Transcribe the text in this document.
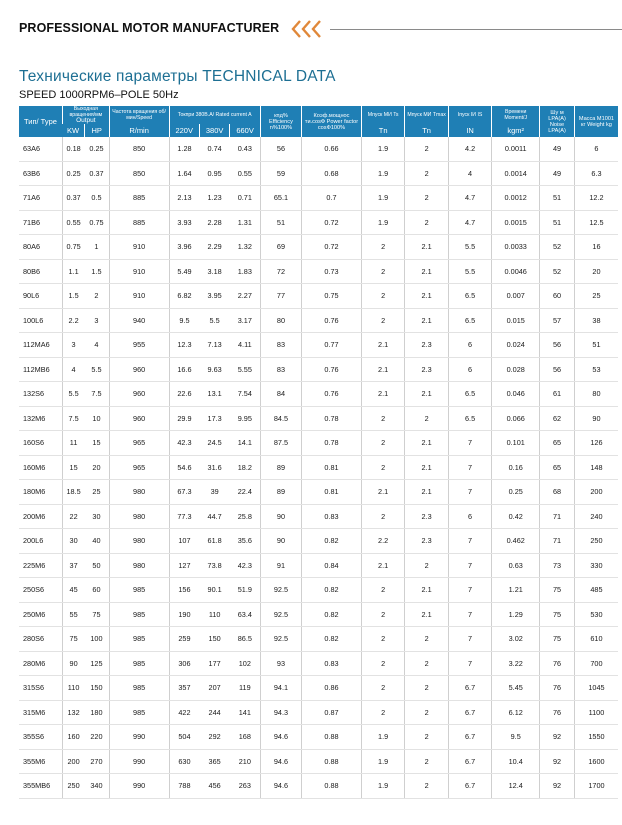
PROFESSIONAL MOTOR MANUFACTURER
Технические параметры TECHNICAL DATA
SPEED 1000RPM6–POLE 50Hz
Тип/ Type	Выходная вращения/мм
Output		Частота вращения об/ мин/Speed	Токпри 380В.А/ Rated current A			кпд% Efficiency n%100%	Коэф.мощнос ти.cosФ Power factor cosФ100%	Mпуск MИ Ts	Mпуск MИ Tmax	Iпуск IИ IS	Времени Moment/J	Шу м LPA(A) Noise LPA(A)	Масса M1001 кг Weight kg
	KW	HP	R/min	220V	380V	660V			Tn	Tn	IN	kgm²		
63A6	0.18	0.25	850	1.28	0.74	0.43	56	0.66	1.9	2	4.2	0.0011	49	6
63B6	0.25	0.37	850	1.64	0.95	0.55	59	0.68	1.9	2	4	0.0014	49	6.3
71A6	0.37	0.5	885	2.13	1.23	0.71	65.1	0.7	1.9	2	4.7	0.0012	51	12.2
71B6	0.55	0.75	885	3.93	2.28	1.31	51	0.72	1.9	2	4.7	0.0015	51	12.5
80A6	0.75	1	910	3.96	2.29	1.32	69	0.72	2	2.1	5.5	0.0033	52	16
80B6	1.1	1.5	910	5.49	3.18	1.83	72	0.73	2	2.1	5.5	0.0046	52	20
90L6	1.5	2	910	6.82	3.95	2.27	77	0.75	2	2.1	6.5	0.007	60	25
100L6	2.2	3	940	9.5	5.5	3.17	80	0.76	2	2.1	6.5	0.015	57	38
112MA6	3	4	955	12.3	7.13	4.11	83	0.77	2.1	2.3	6	0.024	56	51
112MB6	4	5.5	960	16.6	9.63	5.55	83	0.76	2.1	2.3	6	0.028	56	53
132S6	5.5	7.5	960	22.6	13.1	7.54	84	0.76	2.1	2.1	6.5	0.046	61	80
132M6	7.5	10	960	29.9	17.3	9.95	84.5	0.78	2	2	6.5	0.066	62	90
160S6	11	15	965	42.3	24.5	14.1	87.5	0.78	2	2.1	7	0.101	65	126
160M6	15	20	965	54.6	31.6	18.2	89	0.81	2	2.1	7	0.16	65	148
180M6	18.5	25	980	67.3	39	22.4	89	0.81	2.1	2.1	7	0.25	68	200
200M6	22	30	980	77.3	44.7	25.8	90	0.83	2	2.3	6	0.42	71	240
200L6	30	40	980	107	61.8	35.6	90	0.82	2.2	2.3	7	0.462	71	250
225M6	37	50	980	127	73.8	42.3	91	0.84	2.1	2	7	0.63	73	330
250S6	45	60	985	156	90.1	51.9	92.5	0.82	2	2.1	7	1.21	75	485
250M6	55	75	985	190	110	63.4	92.5	0.82	2	2.1	7	1.29	75	530
280S6	75	100	985	259	150	86.5	92.5	0.82	2	2	7	3.02	75	610
280M6	90	125	985	306	177	102	93	0.83	2	2	7	3.22	76	700
315S6	110	150	985	357	207	119	94.1	0.86	2	2	6.7	5.45	76	1045
315M6	132	180	985	422	244	141	94.3	0.87	2	2	6.7	6.12	76	1100
355S6	160	220	990	504	292	168	94.6	0.88	1.9	2	6.7	9.5	92	1550
355M6	200	270	990	630	365	210	94.6	0.88	1.9	2	6.7	10.4	92	1600
355MB6	250	340	990	788	456	263	94.6	0.88	1.9	2	6.7	12.4	92	1700
